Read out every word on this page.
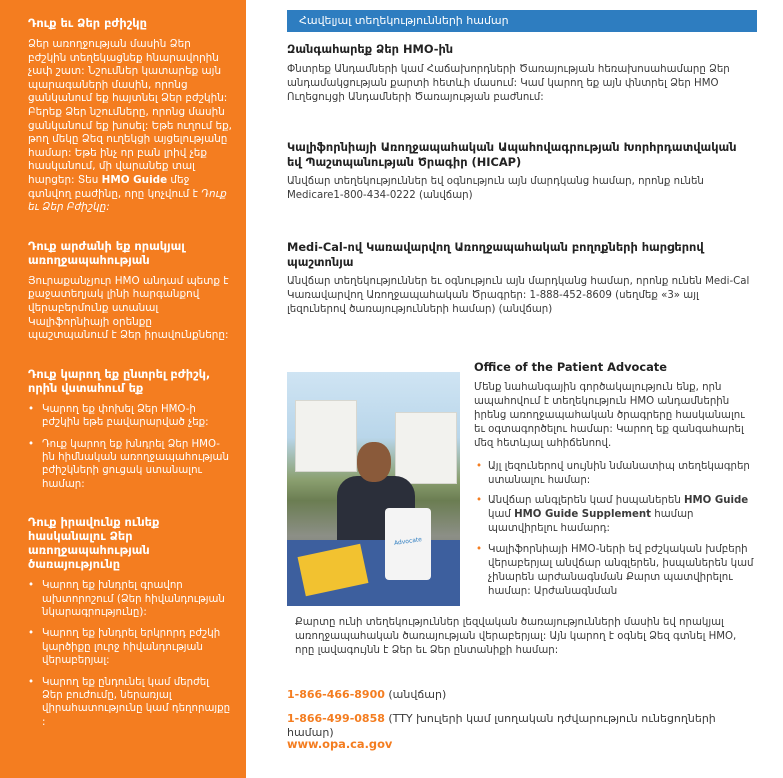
Դուք եւ Ձեր բժիշկը

Ձեր առողջության մասին Ձեր բժշկին տեղեկացնեք հնարավորին չափ շատ: Նշումներ կատարեք այն պարագաների մասին, որոնց ցանկանում եք հայտնել Ձեր բժշկին: Բերեք Ձեր նշումները, որոնց մասին ցանկանում եք խոսել: Եթե ուղում եք, թող մեկը Ձեզ ուղեկցի այցելությանը համար: Եթե ինչ որ բան լրիվ չեք հասկանում, մի վարանեք տալ հարցեր: Տես HMO Guide մեջ գտնվող բաժինը, որը կոչվում է Դուք եւ Ձեր Բժիշկը:

Դուք արժանի եք որակյալ առողջապահության

Յուրաքանչյուր HMO անդամ պետք է քաջատեղյակ լինի հարգանքով վերաբերմունք ստանալ Կալիֆորնիայի օրենքը պաշտպանում է Ձեր իրավունքները:

Դուք կարող եք ընտրել բժիշկ, որին վստահում եք

• Կարող եք փոխել Ձեր HMO-ի բժշկին եթե բավարարված չեք:
• Դուք կարող եք խնդրել Ձեր HMO-ին հիմնական առողջապահության բժիշկների ցուցակ ստանալու համար:

Դուք իրավունք ունեք հասկանալու Ձեր առողջապահության ծառայությունը

• Կարող եք խնդրել գրավոր ախտորոշում (Ձեր հիվանդության նկարագրությունը):
• Կարող եք խնդրել երկրորդ բժշկի կարծիքը լուրջ հիվանդության վերաբերյալ:
• Կարող եք ընդունել կամ մերժել Ձեր բուժումը, ներառյալ վիրահատությունը կամ դեղորայքը :
Հավելյալ տեղեկությունների համար

Զանգահարեք Ձեր HMO-ին

Փնտրեք Անդամների կամ Հաճախորդների Ծառայության հեռախոսահամարը Ձեր անդամակցության քարտի հետևի մասում: Կամ կարող եք այն փնտրել Ձեր HMO Ուղեցույցի Անդամների Ծառայության բաժնում:

Կալիֆորնիայի Առողջապահական Ապահովագրության Խորհրդատվական եվ Պաշտպանության Ծրագիր (HICAP)

Անվճար տեղեկություններ եվ օգնություն այն մարդկանց համար, որոնք ունեն Medicare1-800-434-0222 (անվճար)

Medi-Cal-ով Կառավարվող Առողջապահական բողոքների հարցերով պաշտոնյա

Անվճար տեղեկություններ եւ օգնություն այն մարդկանց համար, որոնք ունեն Medi-Cal Կառավարվող Առողջապահական Ծրագրեր: 1-888-452-8609 (սեղմեք «3» այլ լեզուներով ծառայությունների համար) (անվճար)

Advocate

Office of the Patient Advocate

Մենք նահանգային գործակալություն ենք, որն ապահովում է տեղեկություն HMO անդամներին իրենց առողջապահական ծրագրերը հասկանալու եւ օգտագործելու համար: Կարող եք զանգահարել մեզ հետևյալ ահիճենոով.

• Այլ լեզուներով սույնին նմանատիպ տեղեկագրեր ստանալու համար:
• Անվճար անգլերեն կամ իսպաներեն HMO Guide կամ HMO Guide Supplement համար պատվիրելու համարդ:
• Կալիֆորնիայի HMO-ների եվ բժշկական խմբերի վերաբերյալ անվճար անգլերեն, իսպաներեն կամ չինարեն արժանագնման Քարտ պատվիրելու համար: Արժանագնման

Քարտը ունի տեղեկություններ լեզվական ծառայությունների մասին եվ որակյալ առողջապահական ծառայության վերաբերյալ: Այն կարող է օգնել Ձեզ գտնել HMO, որը լավագույնն է Ձեր եւ Ձեր ընտանիքի համար:

1-866-466-8900 (անվճար)
1-866-499-0858 (TTY խուլերի կամ լսողական դժվարություն ունեցողների համար)
www.opa.ca.gov
